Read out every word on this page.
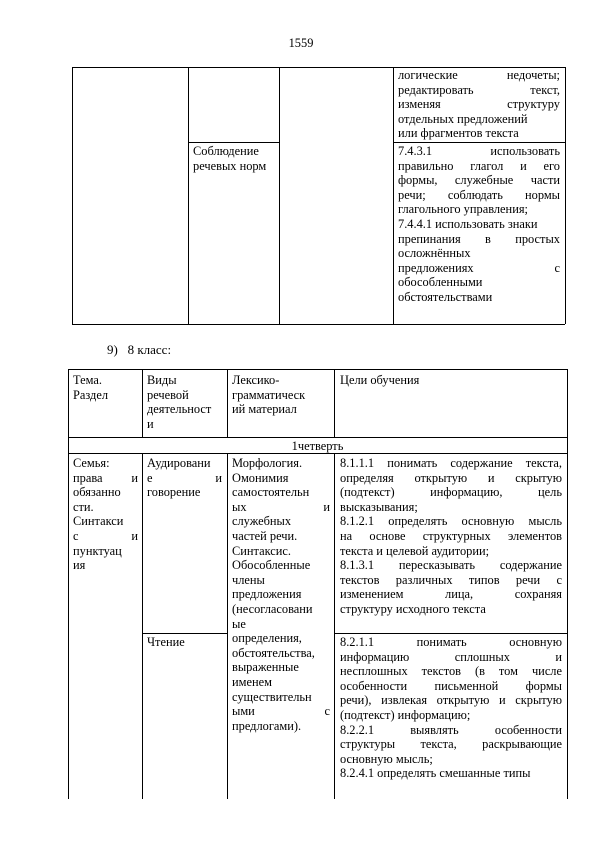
1559
Соблюдение речевых норм
логические недочеты;
редактировать текст,
изменяя структуру
отдельных предложений
или фрагментов текста
7.4.3.1 использовать
правильно глагол и его
формы, служебные части
речи; соблюдать нормы
глагольного управления;
7.4.4.1 использовать знаки
препинания в простых
осложнённых
предложениях с
обособленными
обстоятельствами
9)   8 класс:
Тема.
Раздел
Виды
речевой
деятельност
и
Лексико-
грамматическ
ий материал
Цели обучения
1четверть
Семья:
права и
обязанно
сти.
Синтакси
с и
пунктуац
ия
Аудировани
е и
говорение
Чтение
Морфология.
Омонимия
самостоятельн
ых и
служебных
частей речи.
Синтаксис.
Обособленные
члены
предложения
(несогласовани
ые
определения,
обстоятельства,
выраженные
именем
существительн
ыми с
предлогами).
8.1.1.1 понимать содержание текста,
определяя открытую и скрытую
(подтекст) информацию, цель
высказывания;
8.1.2.1 определять основную мысль
на основе структурных элементов
текста и целевой аудитории;
8.1.3.1 пересказывать содержание
текстов различных типов речи с
изменением лица, сохраняя
структуру исходного текста
8.2.1.1 понимать основную
информацию сплошных и
несплошных текстов (в том числе
особенности письменной формы
речи), извлекая открытую и скрытую
(подтекст) информацию;
8.2.2.1 выявлять особенности
структуры текста, раскрывающие
основную мысль;
8.2.4.1 определять смешанные типы
